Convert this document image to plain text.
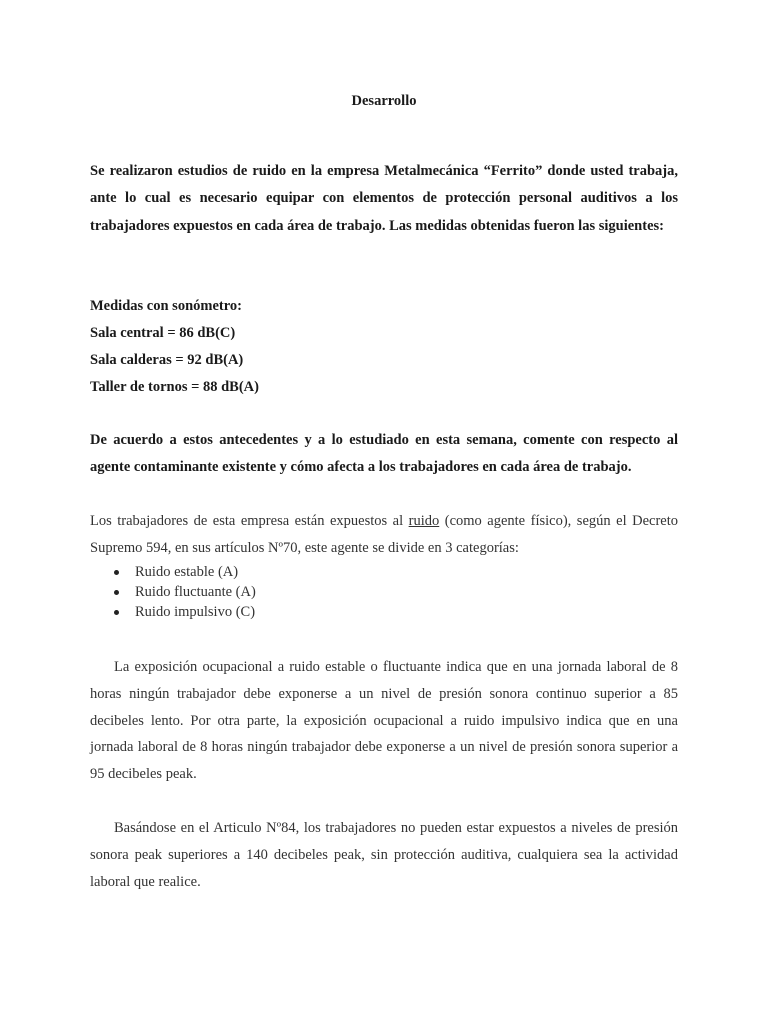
Desarrollo
Se realizaron estudios de ruido en la empresa Metalmecánica “Ferrito” donde usted trabaja, ante lo cual es necesario equipar con elementos de protección personal auditivos a los trabajadores expuestos en cada área de trabajo. Las medidas obtenidas fueron las siguientes:
Medidas con sonómetro:
Sala central = 86 dB(C)
Sala calderas = 92 dB(A)
Taller de tornos = 88 dB(A)
De acuerdo a estos antecedentes y a lo estudiado en esta semana, comente con respecto al agente contaminante existente y cómo afecta a los trabajadores en cada área de trabajo.
Los trabajadores de esta empresa están expuestos al ruido (como agente físico), según el Decreto Supremo 594, en sus artículos Nº70, este agente se divide en 3 categorías:
Ruido estable (A)
Ruido fluctuante (A)
Ruido impulsivo (C)
La exposición ocupacional a ruido estable o fluctuante indica que en una jornada laboral de 8 horas ningún trabajador debe exponerse a un nivel de presión sonora continuo superior a 85 decibeles lento. Por otra parte, la exposición ocupacional a ruido impulsivo indica que en una jornada laboral de 8 horas ningún trabajador debe exponerse a un nivel de presión sonora superior a 95 decibeles peak.
Basándose en el Articulo Nº84, los trabajadores no pueden estar expuestos a niveles de presión sonora peak superiores a 140 decibeles peak, sin protección auditiva, cualquiera sea la actividad laboral que realice.
